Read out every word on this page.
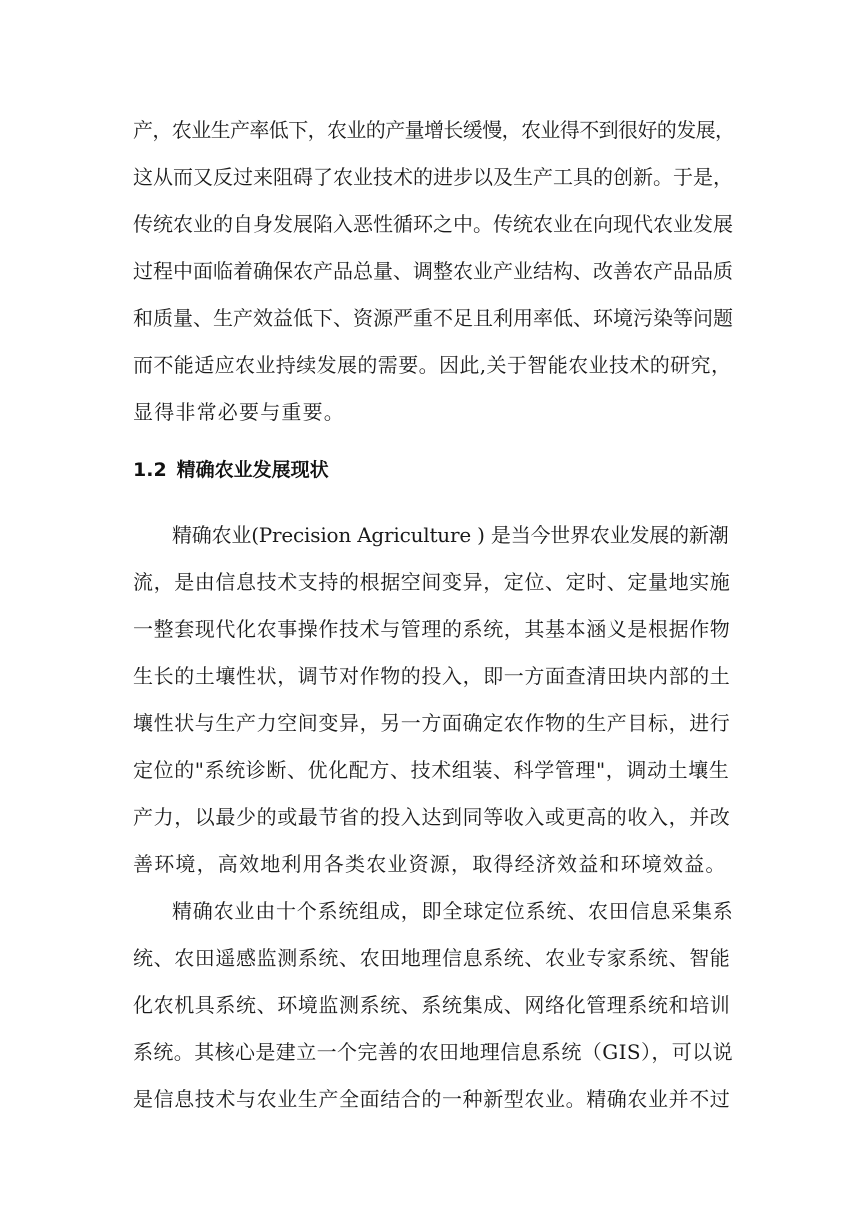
产，农业生产率低下，农业的产量增长缓慢，农业得不到很好的发展，
这从而又反过来阻碍了农业技术的进步以及生产工具的创新。于是，
传统农业的自身发展陷入恶性循环之中。传统农业在向现代农业发展
过程中面临着确保农产品总量、调整农业产业结构、改善农产品品质
和质量、生产效益低下、资源严重不足且利用率低、环境污染等问题
而不能适应农业持续发展的需要。因此,关于智能农业技术的研究，
显得非常必要与重要。
1.2 精确农业发展现状
精确农业(Precision Agriculture ) 是当今世界农业发展的新潮
流，是由信息技术支持的根据空间变异，定位、定时、定量地实施
一整套现代化农事操作技术与管理的系统，其基本涵义是根据作物
生长的土壤性状，调节对作物的投入，即一方面查清田块内部的土
壤性状与生产力空间变异，另一方面确定农作物的生产目标，进行
定位的"系统诊断、优化配方、技术组装、科学管理"，调动土壤生
产力，以最少的或最节省的投入达到同等收入或更高的收入，并改
善环境，高效地利用各类农业资源，取得经济效益和环境效益。
精确农业由十个系统组成，即全球定位系统、农田信息采集系
统、农田遥感监测系统、农田地理信息系统、农业专家系统、智能
化农机具系统、环境监测系统、系统集成、网络化管理系统和培训
系统。其核心是建立一个完善的农田地理信息系统（GIS），可以说
是信息技术与农业生产全面结合的一种新型农业。精确农业并不过
